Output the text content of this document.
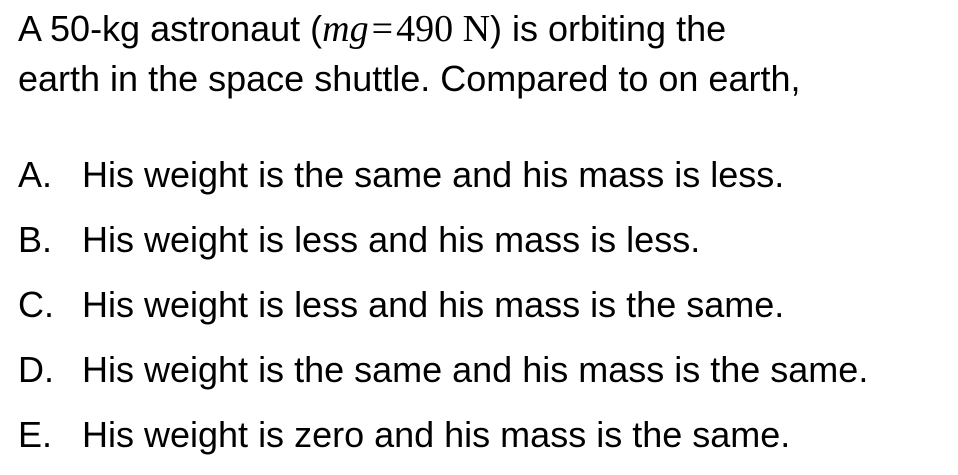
A 50-kg astronaut (mg=490 N) is orbiting the
earth in the space shuttle. Compared to on earth,

A. His weight is the same and his mass is less.
B. His weight is less and his mass is less.
C. His weight is less and his mass is the same.
D. His weight is the same and his mass is the same.
E. His weight is zero and his mass is the same.
